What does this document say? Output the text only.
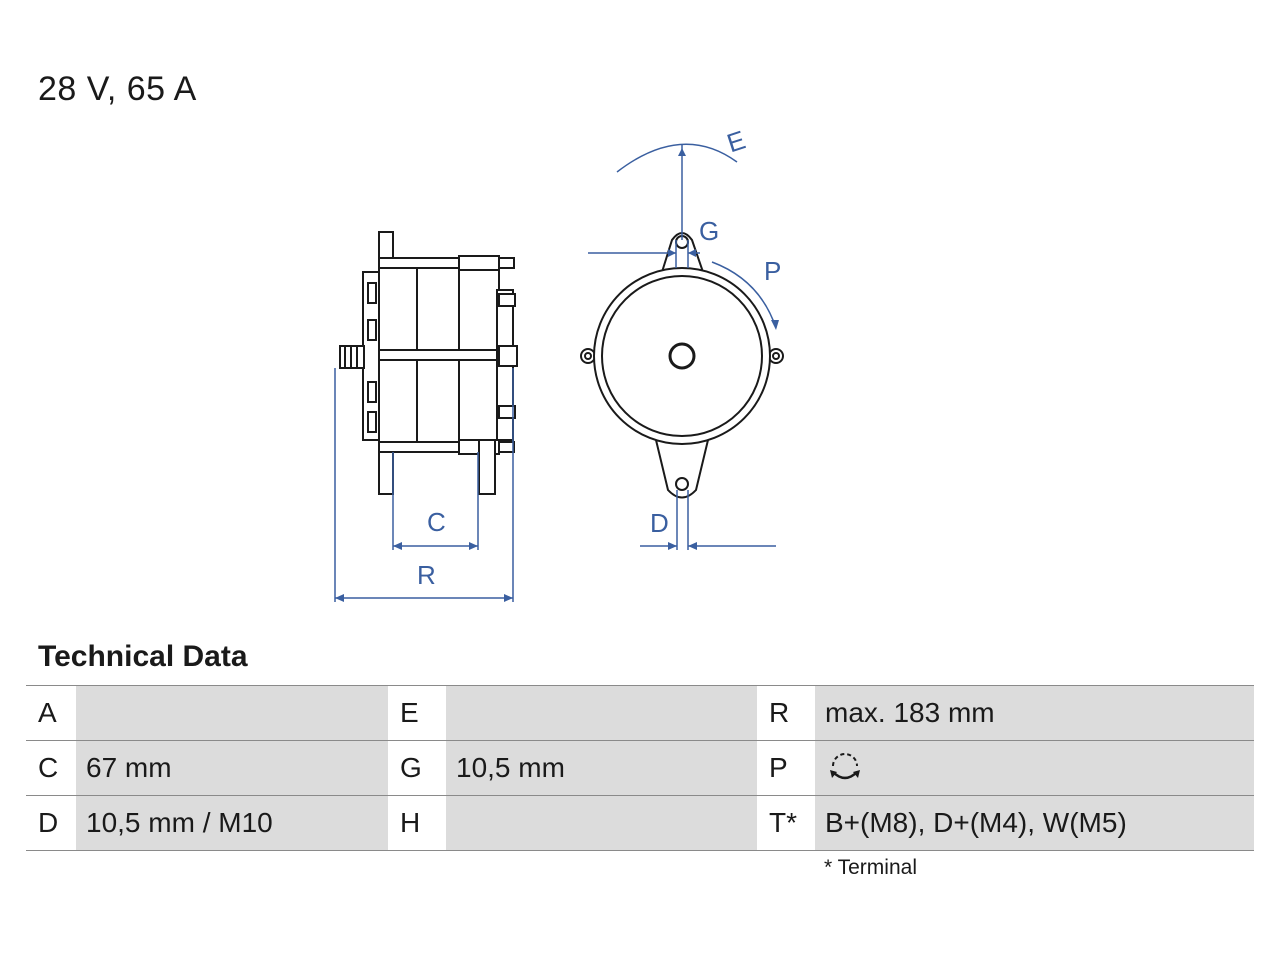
28 V, 65 A
C
R
D
E
G
P
Technical Data
A		E		R	max. 183 mm
C	67 mm	G	10,5 mm	P	
D	10,5 mm / M10	H		T*	B+(M8), D+(M4), W(M5)
* Terminal
